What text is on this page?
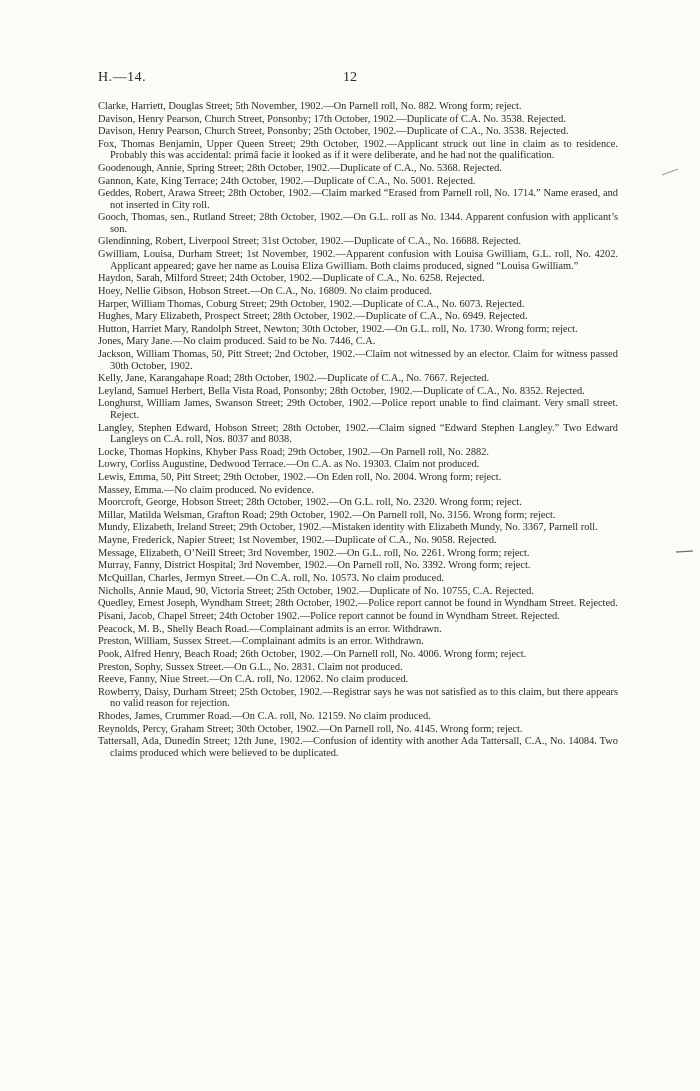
H.—14.	12

Clarke, Harriett, Douglas Street; 5th November, 1902.—On Parnell roll, No. 882. Wrong form; reject.

Davison, Henry Pearson, Church Street, Ponsonby; 17th October, 1902.—Duplicate of C.A. No. 3538. Rejected.

Davison, Henry Pearson, Church Street, Ponsonby; 25th October, 1902.—Duplicate of C.A., No. 3538. Rejected.

Fox, Thomas Benjamin, Upper Queen Street; 29th October, 1902.—Applicant struck out line in claim as to residence. Probably this was accidental: primâ facie it looked as if it were deliberate, and he had not the qualification.

Goodenough, Annie, Spring Street; 28th October, 1902.—Duplicate of C.A., No. 5368. Rejected.

Gannon, Kate, King Terrace; 24th October, 1902.—Duplicate of C.A., No. 5001. Rejected.

Geddes, Robert, Arawa Street; 28th October, 1902.—Claim marked “Erased from Parnell roll, No. 1714.” Name erased, and not inserted in City roll.

Gooch, Thomas, sen., Rutland Street; 28th October, 1902.—On G.L. roll as No. 1344. Apparent confusion with applicant’s son.

Glendinning, Robert, Liverpool Street; 31st October, 1902.—Duplicate of C.A., No. 16688. Rejected.

Gwilliam, Louisa, Durham Street; 1st November, 1902.—Apparent confusion with Louisa Gwilliam, G.L. roll, No. 4202. Applicant appeared; gave her name as Louisa Eliza Gwilliam. Both claims produced, signed “Louisa Gwilliam.”

Haydon, Sarah, Milford Street; 24th October, 1902.—Duplicate of C.A., No. 6258. Rejected.

Hoey, Nellie Gibson, Hobson Street.—On C.A., No. 16809. No claim produced.

Harper, William Thomas, Coburg Street; 29th October, 1902.—Duplicate of C.A., No. 6073. Rejected.

Hughes, Mary Elizabeth, Prospect Street; 28th October, 1902.—Duplicate of C.A., No. 6949. Rejected.

Hutton, Harriet Mary, Randolph Street, Newton; 30th October, 1902.—On G.L. roll, No. 1730. Wrong form; reject.

Jones, Mary Jane.—No claim produced. Said to be No. 7446, C.A.

Jackson, William Thomas, 50, Pitt Street; 2nd October, 1902.—Claim not witnessed by an elector. Claim for witness passed 30th October, 1902.

Kelly, Jane, Karangahape Road; 28th October, 1902.—Duplicate of C.A., No. 7667. Rejected.

Leyland, Samuel Herbert, Bella Vista Road, Ponsonby; 28th October, 1902.—Duplicate of C.A., No. 8352. Rejected.

Longhurst, William James, Swanson Street; 29th October, 1902.—Police report unable to find claimant. Very small street. Reject.

Langley, Stephen Edward, Hobson Street; 28th October, 1902.—Claim signed “Edward Stephen Langley.” Two Edward Langleys on C.A. roll, Nos. 8037 and 8038.

Locke, Thomas Hopkins, Khyber Pass Road; 29th October, 1902.—On Parnell roll, No. 2882.

Lowry, Corliss Augustine, Dedwood Terrace.—On C.A. as No. 19303. Claim not produced.

Lewis, Emma, 50, Pitt Street; 29th October, 1902.—On Eden roll, No. 2004. Wrong form; reject.

Massey, Emma.—No claim produced. No evidence.

Moorcroft, George, Hobson Street; 28th October, 1902.—On G.L. roll, No. 2320. Wrong form; reject.

Millar, Matilda Welsman, Grafton Road; 29th October, 1902.—On Parnell roll, No. 3156. Wrong form; reject.

Mundy, Elizabeth, Ireland Street; 29th October, 1902.—Mistaken identity with Elizabeth Mundy, No. 3367, Parnell roll.

Mayne, Frederick, Napier Street; 1st November, 1902.—Duplicate of C.A., No. 9058. Rejected.

Message, Elizabeth, O’Neill Street; 3rd November, 1902.—On G.L. roll, No. 2261. Wrong form; reject.

Murray, Fanny, District Hospital; 3rd November, 1902.—On Parnell roll, No. 3392. Wrong form; reject.

McQuillan, Charles, Jermyn Street.—On C.A. roll, No. 10573. No claim produced.

Nicholls, Annie Maud, 90, Victoria Street; 25th October, 1902.—Duplicate of No. 10755, C.A. Rejected.

Quedley, Ernest Joseph, Wyndham Street; 28th October, 1902.—Police report cannot be found in Wyndham Street. Rejected.

Pisani, Jacob, Chapel Street; 24th October 1902.—Police report cannot be found in Wyndham Street. Rejected.

Peacock, M. B., Shelly Beach Road.—Complainant admits is an error. Withdrawn.

Preston, William, Sussex Street.—Complainant admits is an error. Withdrawn.

Pook, Alfred Henry, Beach Road; 26th October, 1902.—On Parnell roll, No. 4006. Wrong form; reject.

Preston, Sophy, Sussex Street.—On G.L., No. 2831. Claim not produced.

Reeve, Fanny, Niue Street.—On C.A. roll, No. 12062. No claim produced.

Rowberry, Daisy, Durham Street; 25th October, 1902.—Registrar says he was not satisfied as to this claim, but there appears no valid reason for rejection.

Rhodes, James, Crummer Road.—On C.A. roll, No. 12159. No claim produced.

Reynolds, Percy, Graham Street; 30th October, 1902.—On Parnell roll, No. 4145. Wrong form; reject.

Tattersall, Ada, Dunedin Street; 12th June, 1902.—Confusion of identity with another Ada Tattersall, C.A., No. 14084. Two claims produced which were believed to be duplicated.
